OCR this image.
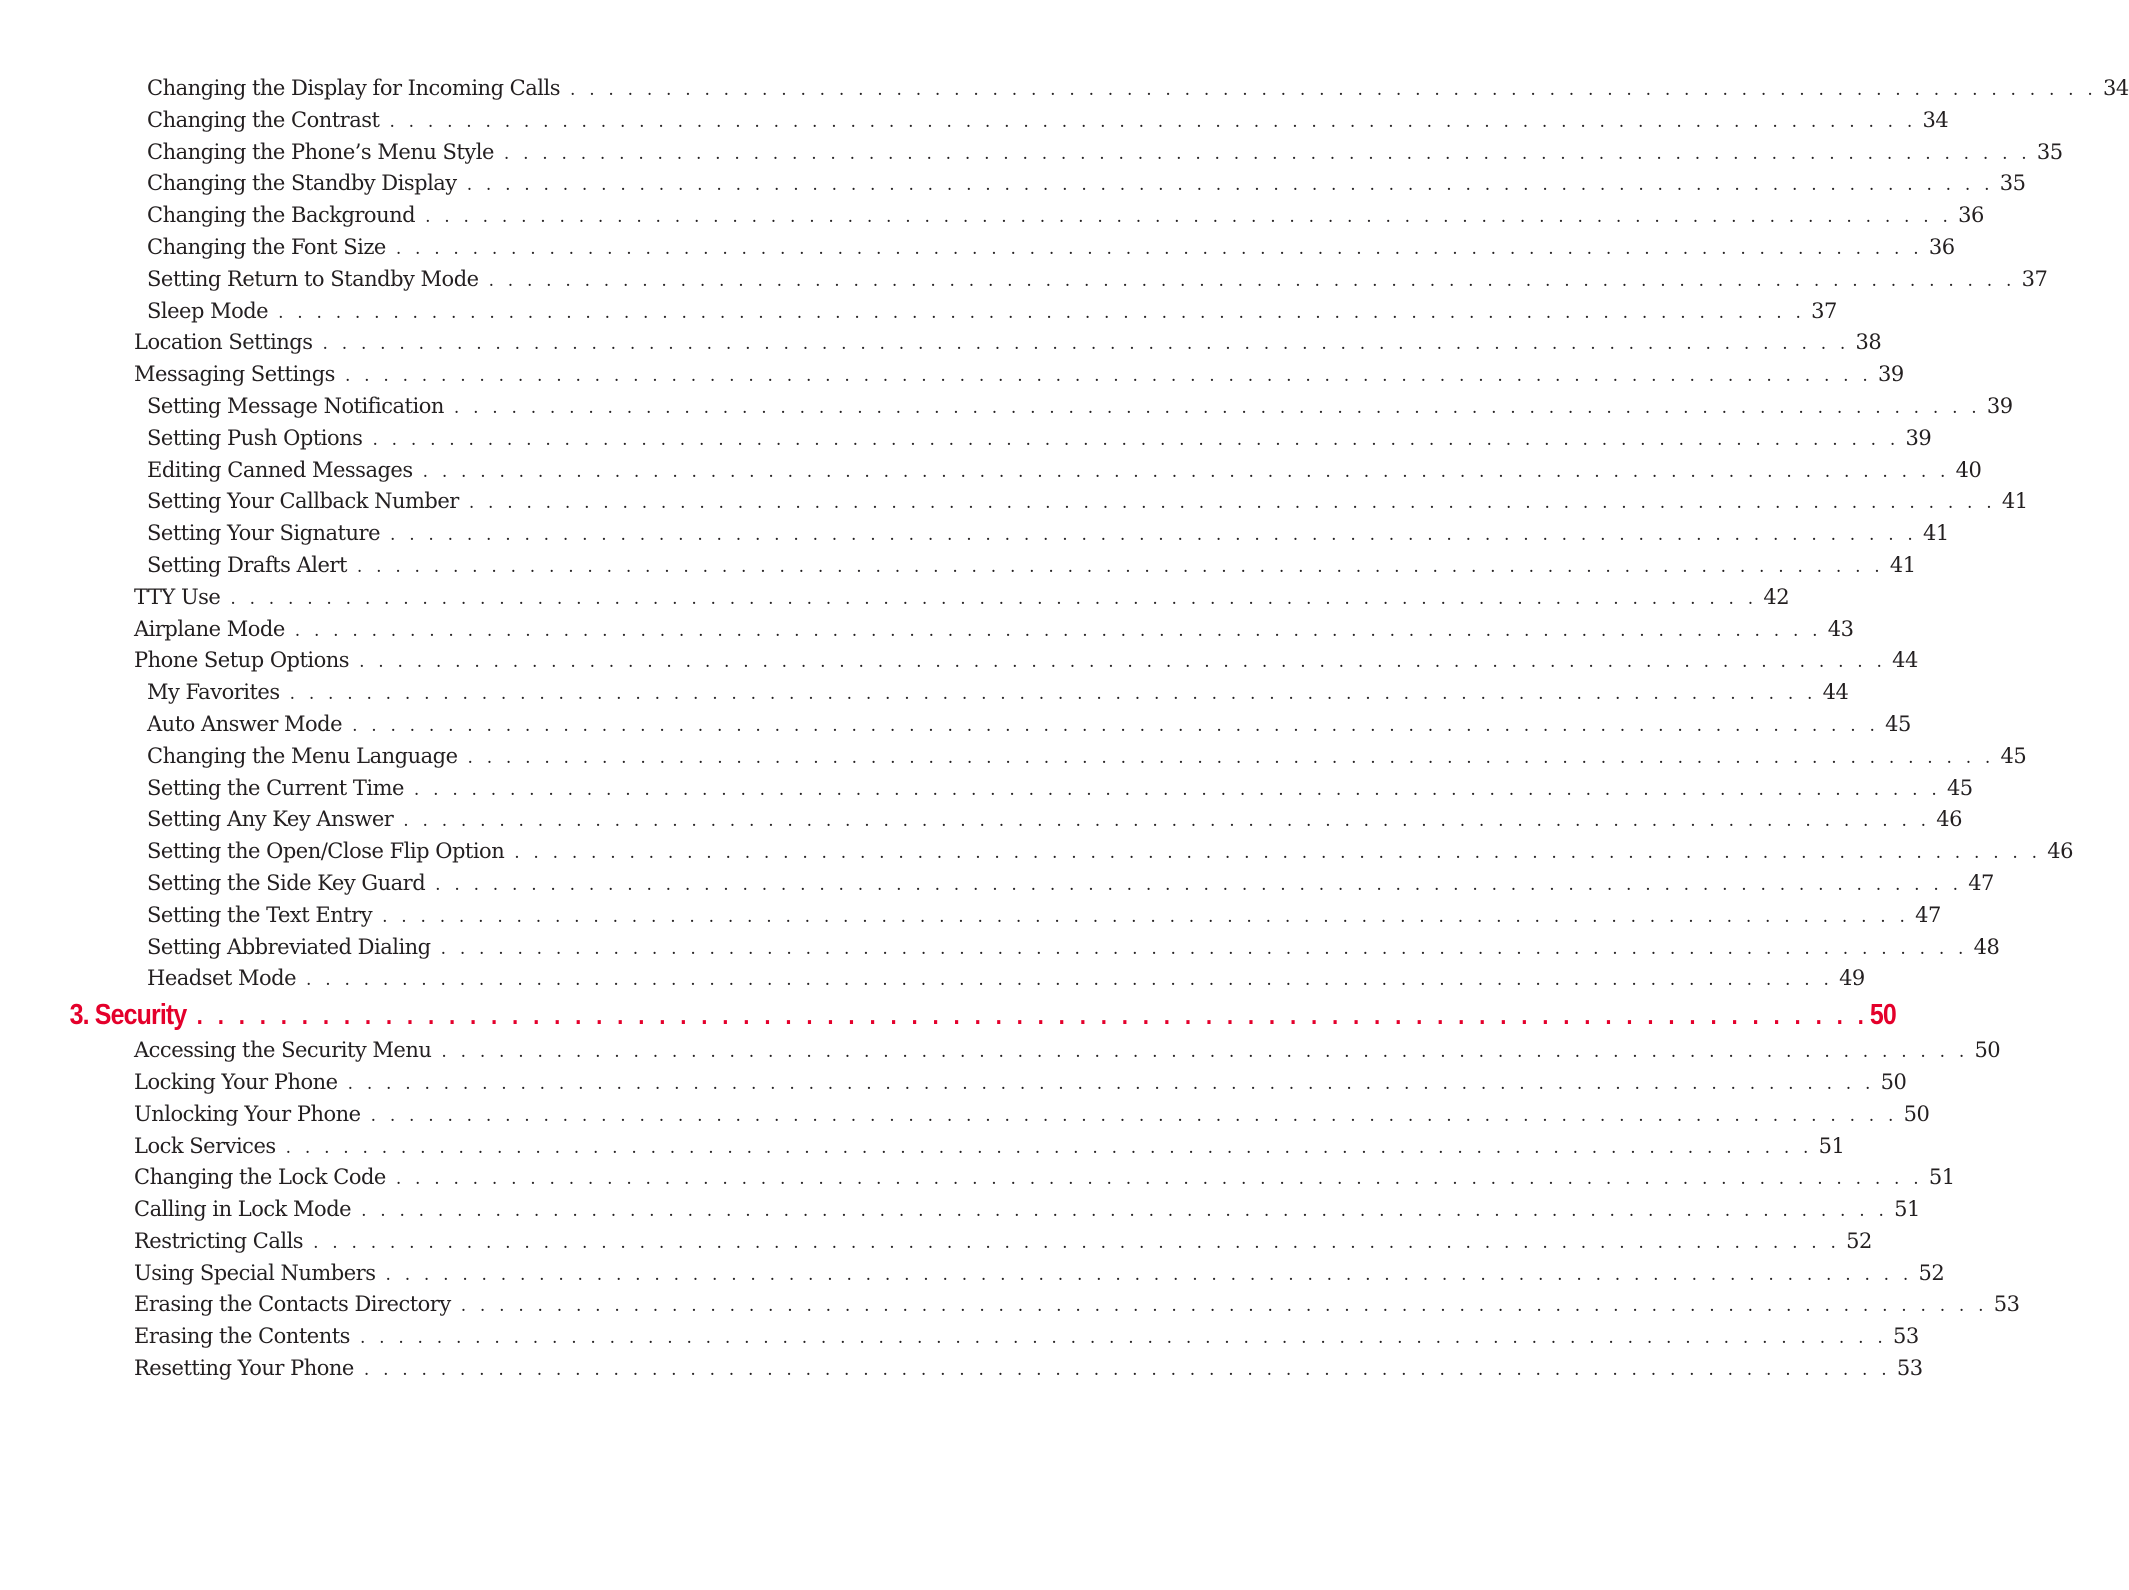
Changing the Display for Incoming Calls . . . . . . . . . . . . . . . . . . . . . . . . . . . . . . . . . . . . . . . . . . . . . . . . . . . . . . . . . . . . . . . . . . . . . . . . . . . . . . . . 34
Changing the Contrast . . . . . . . . . . . . . . . . . . . . . . . . . . . . . . . . . . . . . . . . . . . . . . . . . . . . . . . . . . . . . . . . . . . . . . . . . . . . . . . . 34
Changing the Phone’s Menu Style . . . . . . . . . . . . . . . . . . . . . . . . . . . . . . . . . . . . . . . . . . . . . . . . . . . . . . . . . . . . . . . . . . . . . . . . . . . . . . . . 35
Changing the Standby Display . . . . . . . . . . . . . . . . . . . . . . . . . . . . . . . . . . . . . . . . . . . . . . . . . . . . . . . . . . . . . . . . . . . . . . . . . . . . . . . . 35
Changing the Background . . . . . . . . . . . . . . . . . . . . . . . . . . . . . . . . . . . . . . . . . . . . . . . . . . . . . . . . . . . . . . . . . . . . . . . . . . . . . . . . 36
Changing the Font Size . . . . . . . . . . . . . . . . . . . . . . . . . . . . . . . . . . . . . . . . . . . . . . . . . . . . . . . . . . . . . . . . . . . . . . . . . . . . . . . . 36
Setting Return to Standby Mode . . . . . . . . . . . . . . . . . . . . . . . . . . . . . . . . . . . . . . . . . . . . . . . . . . . . . . . . . . . . . . . . . . . . . . . . . . . . . . . . 37
Sleep Mode . . . . . . . . . . . . . . . . . . . . . . . . . . . . . . . . . . . . . . . . . . . . . . . . . . . . . . . . . . . . . . . . . . . . . . . . . . . . . . . . 37
Location Settings . . . . . . . . . . . . . . . . . . . . . . . . . . . . . . . . . . . . . . . . . . . . . . . . . . . . . . . . . . . . . . . . . . . . . . . . . . . . . . . . 38
Messaging Settings . . . . . . . . . . . . . . . . . . . . . . . . . . . . . . . . . . . . . . . . . . . . . . . . . . . . . . . . . . . . . . . . . . . . . . . . . . . . . . . . 39
Setting Message Notification . . . . . . . . . . . . . . . . . . . . . . . . . . . . . . . . . . . . . . . . . . . . . . . . . . . . . . . . . . . . . . . . . . . . . . . . . . . . . . . . 39
Setting Push Options . . . . . . . . . . . . . . . . . . . . . . . . . . . . . . . . . . . . . . . . . . . . . . . . . . . . . . . . . . . . . . . . . . . . . . . . . . . . . . . . 39
Editing Canned Messages . . . . . . . . . . . . . . . . . . . . . . . . . . . . . . . . . . . . . . . . . . . . . . . . . . . . . . . . . . . . . . . . . . . . . . . . . . . . . . . . 40
Setting Your Callback Number . . . . . . . . . . . . . . . . . . . . . . . . . . . . . . . . . . . . . . . . . . . . . . . . . . . . . . . . . . . . . . . . . . . . . . . . . . . . . . . . 41
Setting Your Signature . . . . . . . . . . . . . . . . . . . . . . . . . . . . . . . . . . . . . . . . . . . . . . . . . . . . . . . . . . . . . . . . . . . . . . . . . . . . . . . . 41
Setting Drafts Alert . . . . . . . . . . . . . . . . . . . . . . . . . . . . . . . . . . . . . . . . . . . . . . . . . . . . . . . . . . . . . . . . . . . . . . . . . . . . . . . . 41
TTY Use . . . . . . . . . . . . . . . . . . . . . . . . . . . . . . . . . . . . . . . . . . . . . . . . . . . . . . . . . . . . . . . . . . . . . . . . . . . . . . . . 42
Airplane Mode . . . . . . . . . . . . . . . . . . . . . . . . . . . . . . . . . . . . . . . . . . . . . . . . . . . . . . . . . . . . . . . . . . . . . . . . . . . . . . . . 43
Phone Setup Options . . . . . . . . . . . . . . . . . . . . . . . . . . . . . . . . . . . . . . . . . . . . . . . . . . . . . . . . . . . . . . . . . . . . . . . . . . . . . . . . 44
My Favorites . . . . . . . . . . . . . . . . . . . . . . . . . . . . . . . . . . . . . . . . . . . . . . . . . . . . . . . . . . . . . . . . . . . . . . . . . . . . . . . . 44
Auto Answer Mode . . . . . . . . . . . . . . . . . . . . . . . . . . . . . . . . . . . . . . . . . . . . . . . . . . . . . . . . . . . . . . . . . . . . . . . . . . . . . . . . 45
Changing the Menu Language . . . . . . . . . . . . . . . . . . . . . . . . . . . . . . . . . . . . . . . . . . . . . . . . . . . . . . . . . . . . . . . . . . . . . . . . . . . . . . . . 45
Setting the Current Time . . . . . . . . . . . . . . . . . . . . . . . . . . . . . . . . . . . . . . . . . . . . . . . . . . . . . . . . . . . . . . . . . . . . . . . . . . . . . . . . 45
Setting Any Key Answer . . . . . . . . . . . . . . . . . . . . . . . . . . . . . . . . . . . . . . . . . . . . . . . . . . . . . . . . . . . . . . . . . . . . . . . . . . . . . . . . 46
Setting the Open/Close Flip Option . . . . . . . . . . . . . . . . . . . . . . . . . . . . . . . . . . . . . . . . . . . . . . . . . . . . . . . . . . . . . . . . . . . . . . . . . . . . . . . . 46
Setting the Side Key Guard . . . . . . . . . . . . . . . . . . . . . . . . . . . . . . . . . . . . . . . . . . . . . . . . . . . . . . . . . . . . . . . . . . . . . . . . . . . . . . . . 47
Setting the Text Entry . . . . . . . . . . . . . . . . . . . . . . . . . . . . . . . . . . . . . . . . . . . . . . . . . . . . . . . . . . . . . . . . . . . . . . . . . . . . . . . . 47
Setting Abbreviated Dialing . . . . . . . . . . . . . . . . . . . . . . . . . . . . . . . . . . . . . . . . . . . . . . . . . . . . . . . . . . . . . . . . . . . . . . . . . . . . . . . . 48
Headset Mode . . . . . . . . . . . . . . . . . . . . . . . . . . . . . . . . . . . . . . . . . . . . . . . . . . . . . . . . . . . . . . . . . . . . . . . . . . . . . . . . 49
3. Security . . . . . . . . . . . . . . . . . . . . . . . . . . . . . . . . . . . . . . . . . . . . . . . . . . . . . . . . . . . . . . . . . . . . . . . . . . . . . . . . 50
Accessing the Security Menu . . . . . . . . . . . . . . . . . . . . . . . . . . . . . . . . . . . . . . . . . . . . . . . . . . . . . . . . . . . . . . . . . . . . . . . . . . . . . . . . 50
Locking Your Phone . . . . . . . . . . . . . . . . . . . . . . . . . . . . . . . . . . . . . . . . . . . . . . . . . . . . . . . . . . . . . . . . . . . . . . . . . . . . . . . . 50
Unlocking Your Phone . . . . . . . . . . . . . . . . . . . . . . . . . . . . . . . . . . . . . . . . . . . . . . . . . . . . . . . . . . . . . . . . . . . . . . . . . . . . . . . . 50
Lock Services . . . . . . . . . . . . . . . . . . . . . . . . . . . . . . . . . . . . . . . . . . . . . . . . . . . . . . . . . . . . . . . . . . . . . . . . . . . . . . . . 51
Changing the Lock Code . . . . . . . . . . . . . . . . . . . . . . . . . . . . . . . . . . . . . . . . . . . . . . . . . . . . . . . . . . . . . . . . . . . . . . . . . . . . . . . . 51
Calling in Lock Mode . . . . . . . . . . . . . . . . . . . . . . . . . . . . . . . . . . . . . . . . . . . . . . . . . . . . . . . . . . . . . . . . . . . . . . . . . . . . . . . . 51
Restricting Calls . . . . . . . . . . . . . . . . . . . . . . . . . . . . . . . . . . . . . . . . . . . . . . . . . . . . . . . . . . . . . . . . . . . . . . . . . . . . . . . . 52
Using Special Numbers . . . . . . . . . . . . . . . . . . . . . . . . . . . . . . . . . . . . . . . . . . . . . . . . . . . . . . . . . . . . . . . . . . . . . . . . . . . . . . . . 52
Erasing the Contacts Directory . . . . . . . . . . . . . . . . . . . . . . . . . . . . . . . . . . . . . . . . . . . . . . . . . . . . . . . . . . . . . . . . . . . . . . . . . . . . . . . . 53
Erasing the Contents . . . . . . . . . . . . . . . . . . . . . . . . . . . . . . . . . . . . . . . . . . . . . . . . . . . . . . . . . . . . . . . . . . . . . . . . . . . . . . . . 53
Resetting Your Phone . . . . . . . . . . . . . . . . . . . . . . . . . . . . . . . . . . . . . . . . . . . . . . . . . . . . . . . . . . . . . . . . . . . . . . . . . . . . . . . . 53
